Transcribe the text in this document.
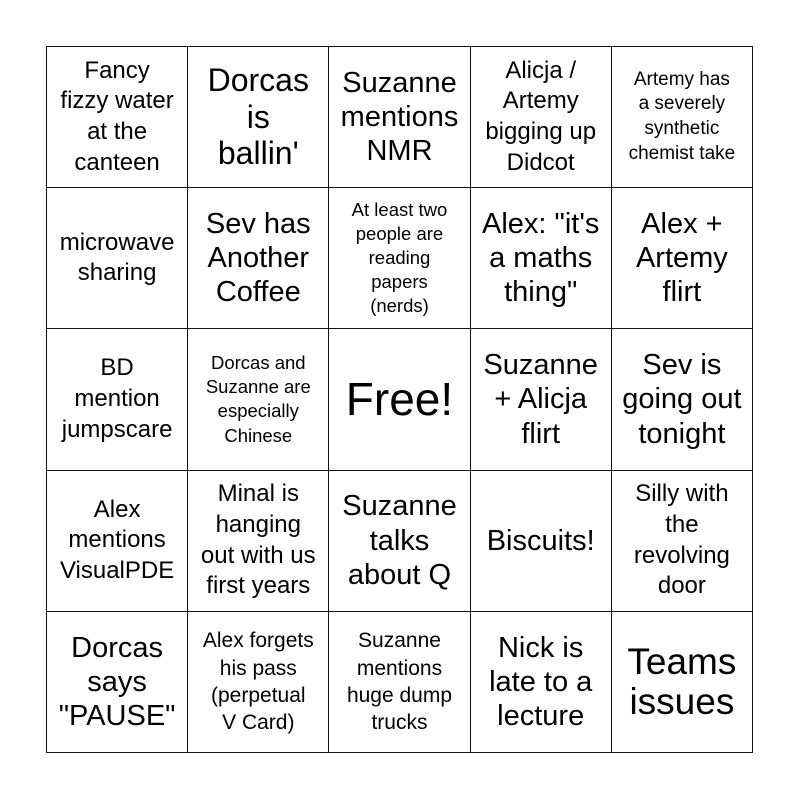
Fancy
fizzy water
at the
canteen
Dorcas
is
ballin'
Suzanne
mentions
NMR
Alicja /
Artemy
bigging up
Didcot
Artemy has
a severely
synthetic
chemist take
microwave
sharing
Sev has
Another
Coffee
At least two
people are
reading
papers
(nerds)
Alex: "it's
a maths
thing"
Alex +
Artemy
flirt
BD
mention
jumpscare
Dorcas and
Suzanne are
especially
Chinese
Free!
Suzanne
+ Alicja
flirt
Sev is
going out
tonight
Alex
mentions
VisualPDE
Minal is
hanging
out with us
first years
Suzanne
talks
about Q
Biscuits!
Silly with
the
revolving
door
Dorcas
says
"PAUSE"
Alex forgets
his pass
(perpetual
V Card)
Suzanne
mentions
huge dump
trucks
Nick is
late to a
lecture
Teams
issues
